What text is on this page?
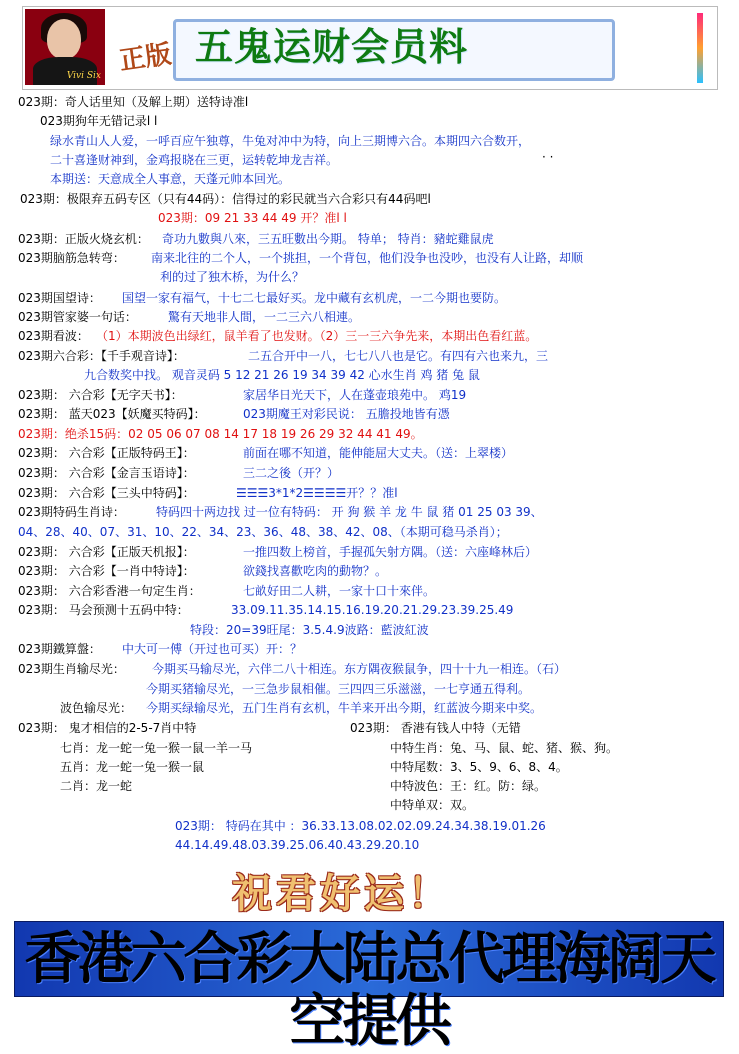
Vivi Six 正版 五鬼运财会员料
023期：奇人话里知（及解上期）送特诗准l
023期狗年无错记录l l
绿水青山人人爱，一呼百应午独尊，牛兔对冲中为特，向上三期博六合。本期四六合数开，
二十喜逢财神到，金鸡报晓在三更，运转乾坤龙吉祥。	· ·
本期送：天意成全人事意，天蓬元帅本回光。
023期：极限弃五码专区（只有44码）：信得过的彩民就当六合彩只有44码吧l
023期：09 21 33 44 49 开？准l l
023期：正版火烧玄机： 奇功九數與八來，三五旺數出今期。 特单； 特肖：豬蛇雞鼠虎
023期脑筋急转弯： 南来北往的二个人，一个挑担，一个背包，他们没争也没吵，也没有人让路，却顺
利的过了独木桥，为什么？
023期国望诗： 国望一家有福气，十七二七最好买。龙中藏有玄机虎，一二今期也要防。
023期管家婆一句话：	驚有天地非人間，一二三六八相連。
023期看波： （1）本期波色出绿红，鼠羊看了也发财。（2）三一三六争先来，本期出色看红蓝。
023期六合彩：【千手观音诗】：	二五合开中一八，七七八八也是它。有四有六也来九，三
九合数奖中找。 观音灵码 5 12 21 26 19 34 39 42 心水生肖 鸡 猪 兔 鼠
023期： 六合彩【无字天书】：	家居华日光天下，人在蓬壶琅苑中。 鸡19
023期： 蓝天023【妖魔买特码】：	023期魔王对彩民说： 五膽投地皆有憑
023期：绝杀15码：02 05 06 07 08 14 17 18 19 26 29 32 44 41 49。
023期： 六合彩【正版特码王】：	前面在哪不知道，能伸能屈大丈夫。（送：上翠楼）
023期： 六合彩【金言玉语诗】：	三二之後（开？）
023期： 六合彩【三头中特码】：	☰☰☰3*1*2☰☰☰☰开？？准l
023期特码生肖诗：	特码四十两边找 过一位有特码： 开 狗 猴 羊 龙 牛 鼠 猪 01 25 03 39、
04、28、40、07、31、10、22、34、23、36、48、38、42、08、（本期可稳马杀肖）；
023期： 六合彩【正版天机报】：	一推四数上榜首，手握孤矢射方隅。（送：六座峰林后）
023期： 六合彩【一肖中特诗】：	欲錢找喜歡吃肉的動物？。
023期： 六合彩香港一句定生肖：	七畝好田二人耕，一家十口十來伴。
023期： 马会预测十五码中特：	33.09.11.35.14.15.16.19.20.21.29.23.39.25.49
特段：20=39旺尾：3.5.4.9波路：藍波紅波
023期鐵算盤： 中大可一傅（开过也可买）开：？
023期生肖输尽光： 今期买马输尽光，六伴二八十相连。东方隅夜猴鼠争，四十十九一相连。（石）
今期买猪输尽光，一三急步鼠相催。三四四三乐滋滋，一七亨通五得利。
波色输尽光： 今期买绿输尽光，五门生肖有玄机，牛羊来开出今期，红蓝波今期来中奖。
023期： 鬼才相信的2-5-7肖中特
七肖：龙一蛇一兔一猴一鼠一羊一马
五肖：龙一蛇一兔一猴一鼠
二肖：龙一蛇
023期： 香港有钱人中特（无错
中特生肖：兔、马、鼠、蛇、猪、猴、狗。
中特尾数：3、5、9、6、8、4。
中特波色：王：红。防：绿。
中特单双：双。
023期： 特码在其中 ：36.33.13.08.02.02.09.24.34.38.19.01.26
44.14.49.48.03.39.25.06.40.43.29.20.10
祝君好运！
香港六合彩大陆总代理海阔天空提供
